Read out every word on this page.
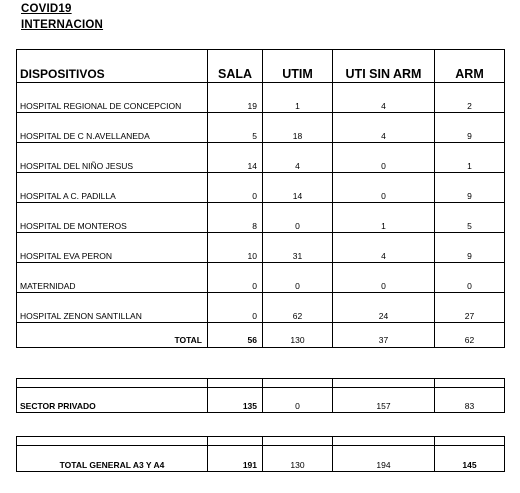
COVID19
INTERNACION
DISPOSITIVOS	SALA	UTIM	UTI SIN ARM	ARM
HOSPITAL REGIONAL DE CONCEPCION	19	1	4	2
HOSPITAL DE C N.AVELLANEDA	5	18	4	9
HOSPITAL DEL NIÑO JESUS	14	4	0	1
HOSPITAL A C. PADILLA	0	14	0	9
HOSPITAL DE MONTEROS	8	0	1	5
HOSPITAL EVA PERON	10	31	4	9
MATERNIDAD	0	0	0	0
HOSPITAL ZENON SANTILLAN	0	62	24	27
TOTAL	56	130	37	62

SECTOR PRIVADO	135	0	157	83

TOTAL GENERAL A3 Y A4	191	130	194	145
